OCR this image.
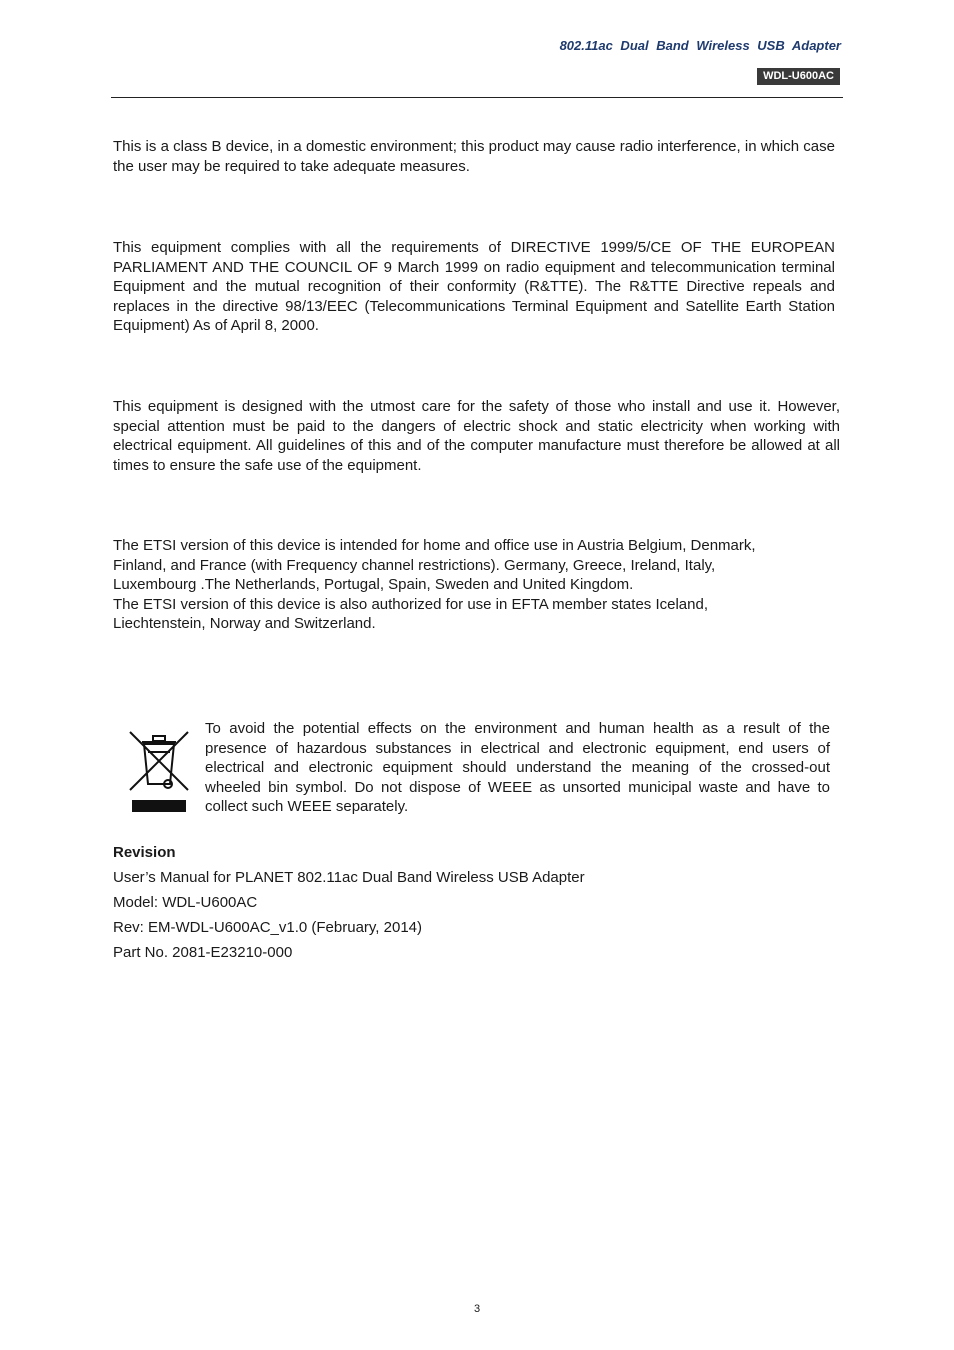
802.11ac Dual Band Wireless USB Adapter
WDL-U600AC

This is a class B device, in a domestic environment; this product may cause radio interference, in which case the user may be required to take adequate measures.

This equipment complies with all the requirements of DIRECTIVE 1999/5/CE OF THE EUROPEAN PARLIAMENT AND THE COUNCIL OF 9 March 1999 on radio equipment and telecommunication terminal Equipment and the mutual recognition of their conformity (R&TTE). The R&TTE Directive repeals and replaces in the directive 98/13/EEC (Telecommunications Terminal Equipment and Satellite Earth Station Equipment) As of April 8, 2000.

This equipment is designed with the utmost care for the safety of those who install and use it. However, special attention must be paid to the dangers of electric shock and static electricity when working with electrical equipment. All guidelines of this and of the computer manufacture must therefore be allowed at all times to ensure the safe use of the equipment.

The ETSI version of this device is intended for home and office use in Austria Belgium, Denmark,
Finland, and France (with Frequency channel restrictions). Germany, Greece, Ireland, Italy,
Luxembourg .The Netherlands, Portugal, Spain, Sweden and United Kingdom.
The ETSI version of this device is also authorized for use in EFTA member states Iceland,
Liechtenstein, Norway and Switzerland.

To avoid the potential effects on the environment and human health as a result of the presence of hazardous substances in electrical and electronic equipment, end users of electrical and electronic equipment should understand the meaning of the crossed-out wheeled bin symbol. Do not dispose of WEEE as unsorted municipal waste and have to collect such WEEE separately.

Revision

User’s Manual for PLANET 802.11ac Dual Band Wireless USB Adapter

Model: WDL-U600AC

Rev: EM-WDL-U600AC_v1.0 (February, 2014)

Part No. 2081-E23210-000

3
